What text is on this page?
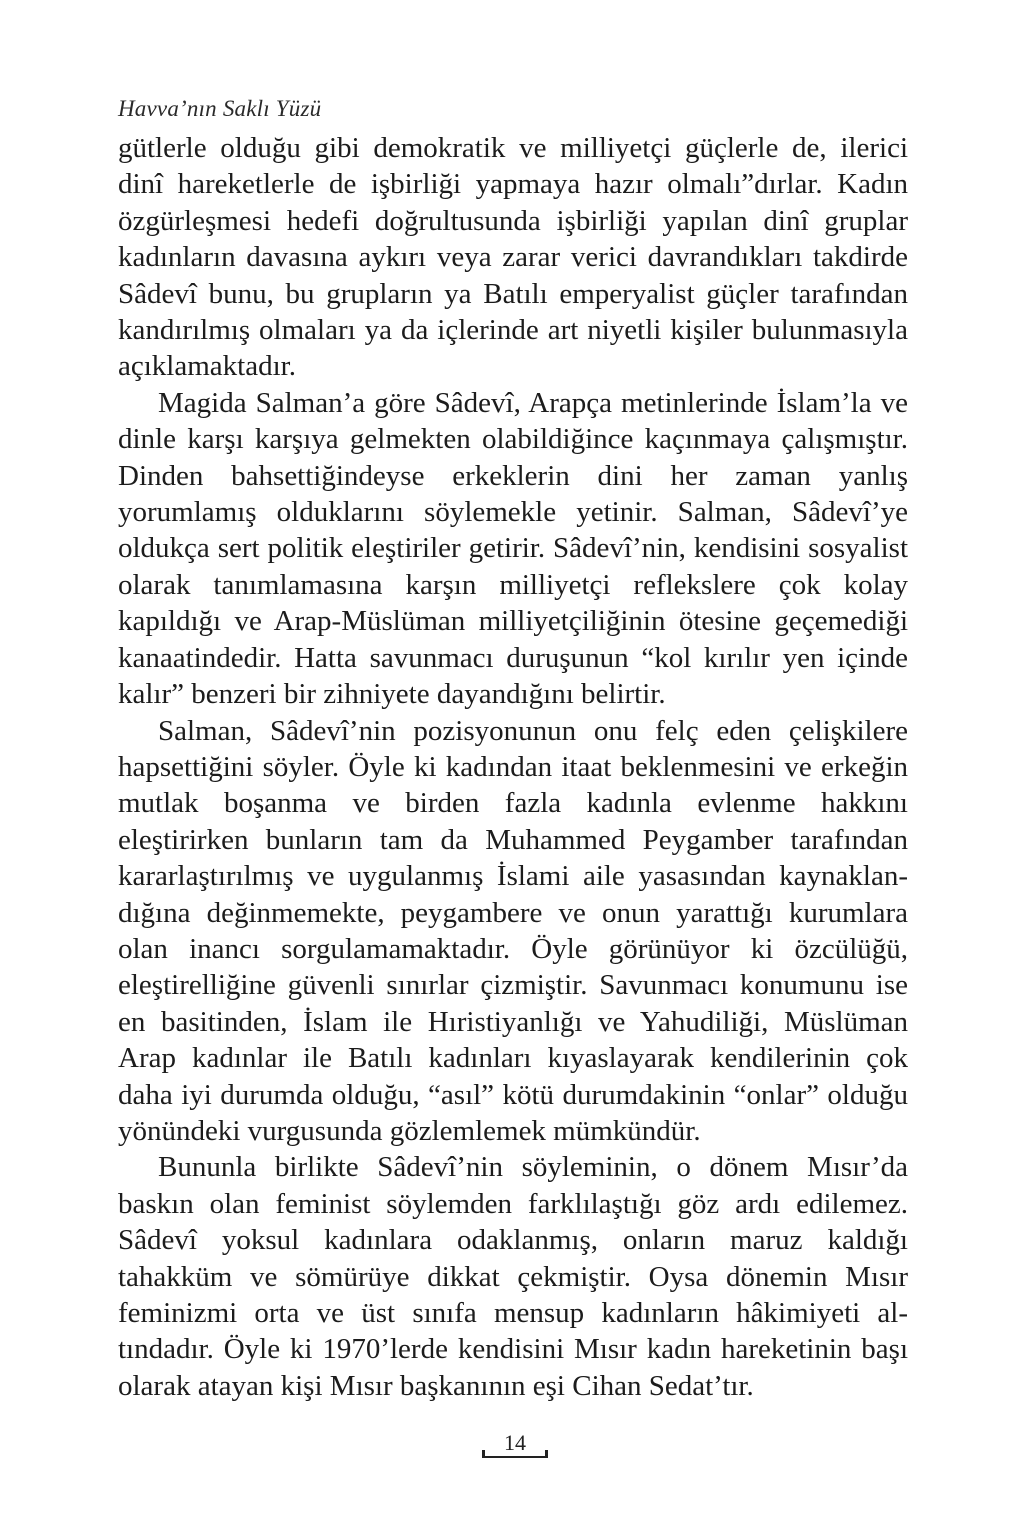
Havva’nın Saklı Yüzü

gütlerle olduğu gibi demokratik ve milliyetçi güçlerle de, ilerici dinî hareketlerle de işbirliği yapmaya hazır olmalı”dırlar. Kadın özgürleşmesi hedefi doğrultusunda işbirliği yapılan dinî gruplar kadınların davasına aykırı veya zarar verici davrandıkları takdirde Sâdevî bunu, bu grupların ya Batılı emperyalist güçler tarafından kandırılmış olmaları ya da içlerinde art niyetli kişiler bulunmasıyla açıklamaktadır.

Magida Salman’a göre Sâdevî, Arapça metinlerinde İslam’la ve dinle karşı karşıya gelmekten olabildiğince kaçınmaya çalışmıştır. Dinden bahsettiğindeyse erkeklerin dini her zaman yanlış yorumlamış olduklarını söylemekle yetinir. Salman, Sâdevî’ye oldukça sert politik eleştiriler getirir. Sâdevî’nin, kendisini sosyalist olarak tanımlamasına karşın milliyetçi reflekslere çok kolay kapıldığı ve Arap-Müslüman milliyetçiliğinin ötesine geçemediği kanaatindedir. Hatta savunmacı duruşunun “kol kırılır yen içinde kalır” benzeri bir zihniyete dayandığını belirtir.

Salman, Sâdevî’nin pozisyonunun onu felç eden çelişkilere hapsettiğini söyler. Öyle ki kadından itaat beklenmesini ve erkeğin mutlak boşanma ve birden fazla kadınla evlenme hakkını eleştirirken bunların tam da Muhammed Peygamber tarafından kararlaştırılmış ve uygulanmış İslami aile yasasından kaynaklandığına değinmemekte, peygambere ve onun yarattığı kurumlara olan inancı sorgulamamaktadır. Öyle görünüyor ki özcülüğü, eleştirelliğine güvenli sınırlar çizmiştir. Savunmacı konumunu ise en basitinden, İslam ile Hıristiyanlığı ve Yahudiliği, Müslüman Arap kadınlar ile Batılı kadınları kıyaslayarak kendilerinin çok daha iyi durumda olduğu, “asıl” kötü durumdakinin “onlar” olduğu yönündeki vurgusunda gözlemlemek mümkündür.

Bununla birlikte Sâdevî’nin söyleminin, o dönem Mısır’da baskın olan feminist söylemden farklılaştığı göz ardı edilemez. Sâdevî yoksul kadınlara odaklanmış, onların maruz kaldığı tahakküm ve sömürüye dikkat çekmiştir. Oysa dönemin Mısır feminizmi orta ve üst sınıfa mensup kadınların hâkimiyeti altındadır. Öyle ki 1970’lerde kendisini Mısır kadın hareketinin başı olarak atayan kişi Mısır başkanının eşi Cihan Sedat’tır.

14
